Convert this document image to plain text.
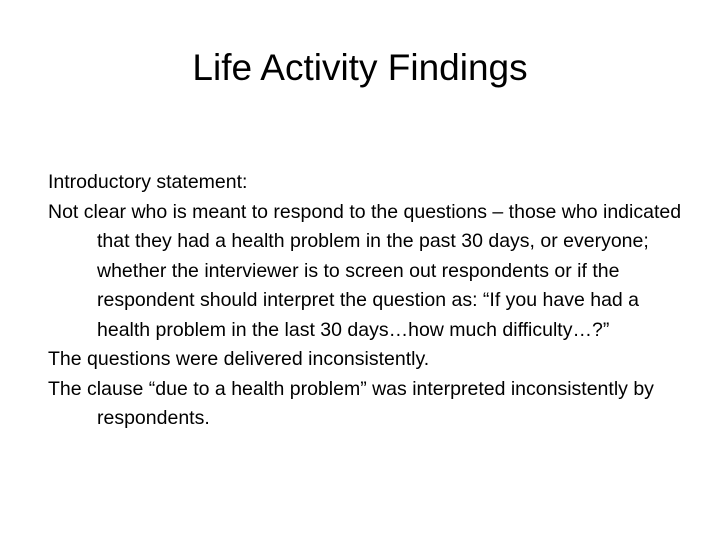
Life Activity Findings

Introductory statement:

Not clear who is meant to respond to the questions – those who indicated that they had a health problem in the past 30 days, or everyone; whether the interviewer is to screen out respondents or if the respondent should interpret the question as: “If you have had a health problem in the last 30 days…how much difficulty…?”

The questions were delivered inconsistently.

The clause “due to a health problem” was interpreted inconsistently by respondents.
